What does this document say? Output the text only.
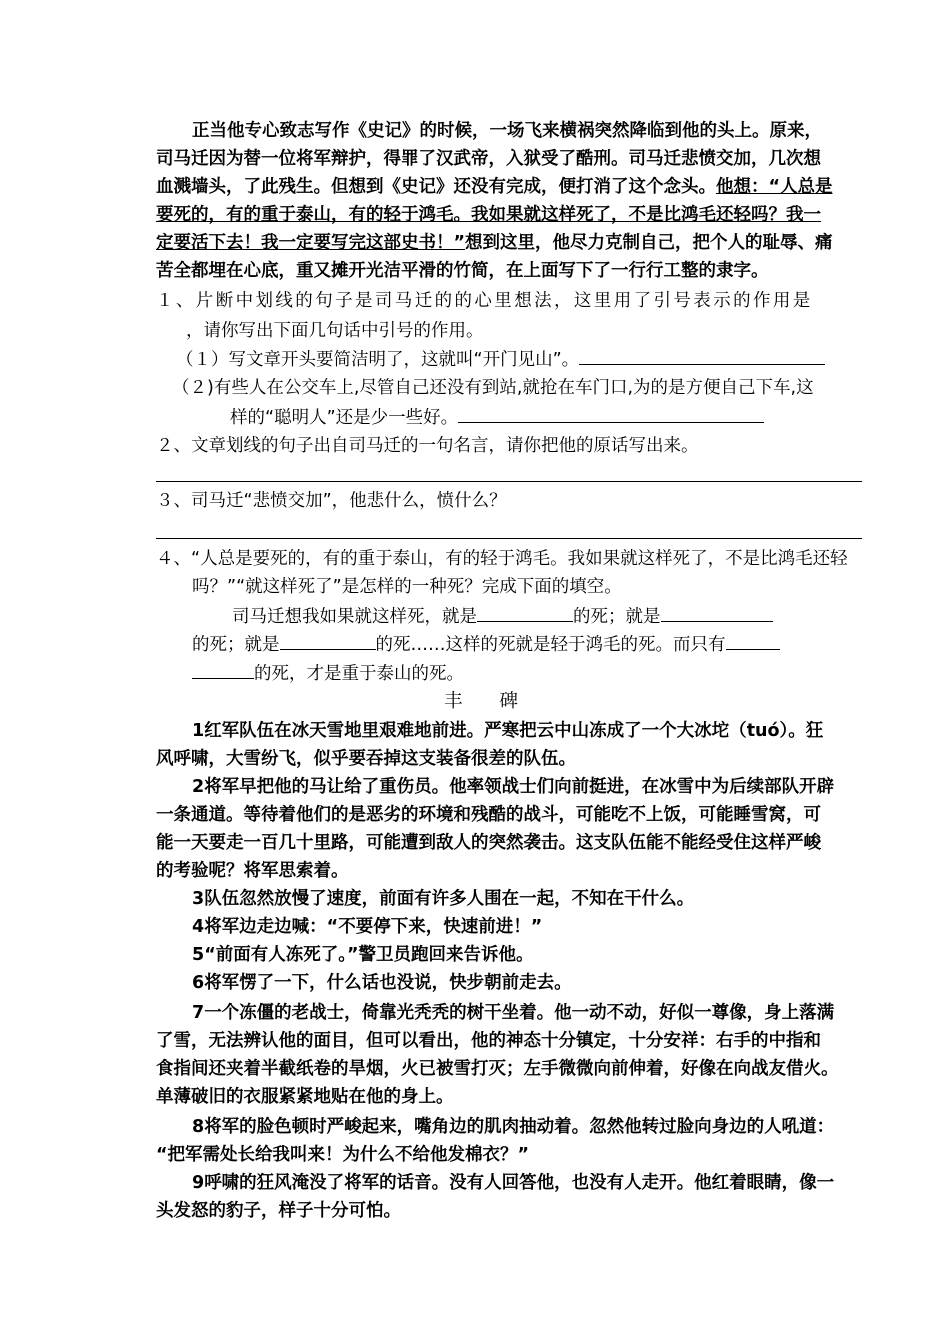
正当他专心致志写作《史记》的时候，一场飞来横祸突然降临到他的头上。原来，
司马迁因为替一位将军辩护，得罪了汉武帝，入狱受了酷刑。司马迁悲愤交加，几次想
血溅墙头，了此残生。但想到《史记》还没有完成，便打消了这个念头。他想：“人总是
要死的，有的重于泰山，有的轻于鸿毛。我如果就这样死了，不是比鸿毛还轻吗？我一
定要活下去！我一定要写完这部史书！”想到这里，他尽力克制自己，把个人的耻辱、痛
苦全都埋在心底，重又摊开光洁平滑的竹简，在上面写下了一行行工整的隶字。
１、片断中划线的句子是司马迁的的心里想法，这里用了引号表示的作用是
，请你写出下面几句话中引号的作用。
（１）写文章开头要简洁明了，这就叫“开门见山”。
（２)有些人在公交车上,尽管自己还没有到站,就抢在车门口,为的是方便自己下车,这
样的“聪明人”还是少一些好。
２、文章划线的句子出自司马迁的一句名言，请你把他的原话写出来。
３、司马迁“悲愤交加”，他悲什么，愤什么？
４、“人总是要死的，有的重于泰山，有的轻于鸿毛。我如果就这样死了，不是比鸿毛还轻
吗？”“就这样死了”是怎样的一种死？完成下面的填空。
司马迁想我如果就这样死，就是	的死；就是
的死；就是	的死……这样的死就是轻于鸿毛的死。而只有
的死，才是重于泰山的死。
丰　　碑
1红军队伍在冰天雪地里艰难地前进。严寒把云中山冻成了一个大冰坨（tuó）。狂
风呼啸，大雪纷飞，似乎要吞掉这支装备很差的队伍。
2将军早把他的马让给了重伤员。他率领战士们向前挺进，在冰雪中为后续部队开辟
一条通道。等待着他们的是恶劣的环境和残酷的战斗，可能吃不上饭，可能睡雪窝，可
能一天要走一百几十里路，可能遭到敌人的突然袭击。这支队伍能不能经受住这样严峻
的考验呢？将军思索着。
3队伍忽然放慢了速度，前面有许多人围在一起，不知在干什么。
4将军边走边喊：“不要停下来，快速前进！”
5“前面有人冻死了。”警卫员跑回来告诉他。
6将军愣了一下，什么话也没说，快步朝前走去。
7一个冻僵的老战士，倚靠光秃秃的树干坐着。他一动不动，好似一尊像，身上落满
了雪，无法辨认他的面目，但可以看出，他的神态十分镇定，十分安祥：右手的中指和
食指间还夹着半截纸卷的旱烟，火已被雪打灭；左手微微向前伸着，好像在向战友借火。
单薄破旧的衣服紧紧地贴在他的身上。
8将军的脸色顿时严峻起来，嘴角边的肌肉抽动着。忽然他转过脸向身边的人吼道：
“把军需处长给我叫来！为什么不给他发棉衣？”
9呼啸的狂风淹没了将军的话音。没有人回答他，也没有人走开。他红着眼睛，像一
头发怒的豹子，样子十分可怕。
